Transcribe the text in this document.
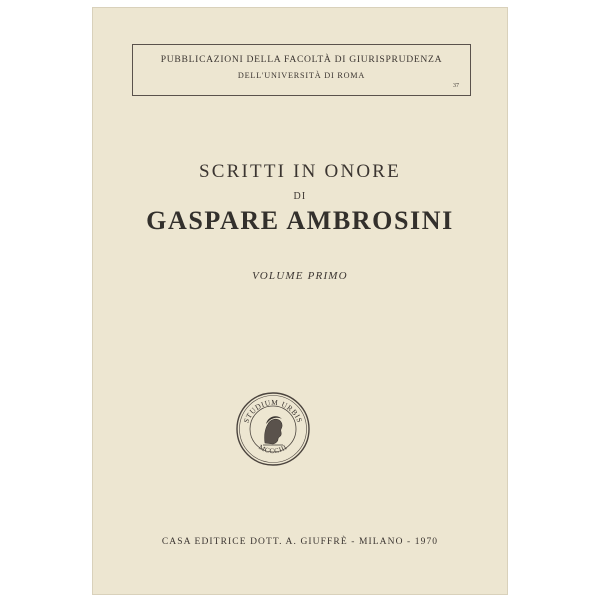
PUBBLICAZIONI DELLA FACOLTÀ DI GIURISPRUDENZA
DELL'UNIVERSITÀ DI ROMA
37
SCRITTI IN ONORE
DI
GASPARE AMBROSINI
VOLUME PRIMO
STUDIUM URBIS
MCCCIII
CASA EDITRICE DOTT. A. GIUFFRÈ - MILANO - 1970
